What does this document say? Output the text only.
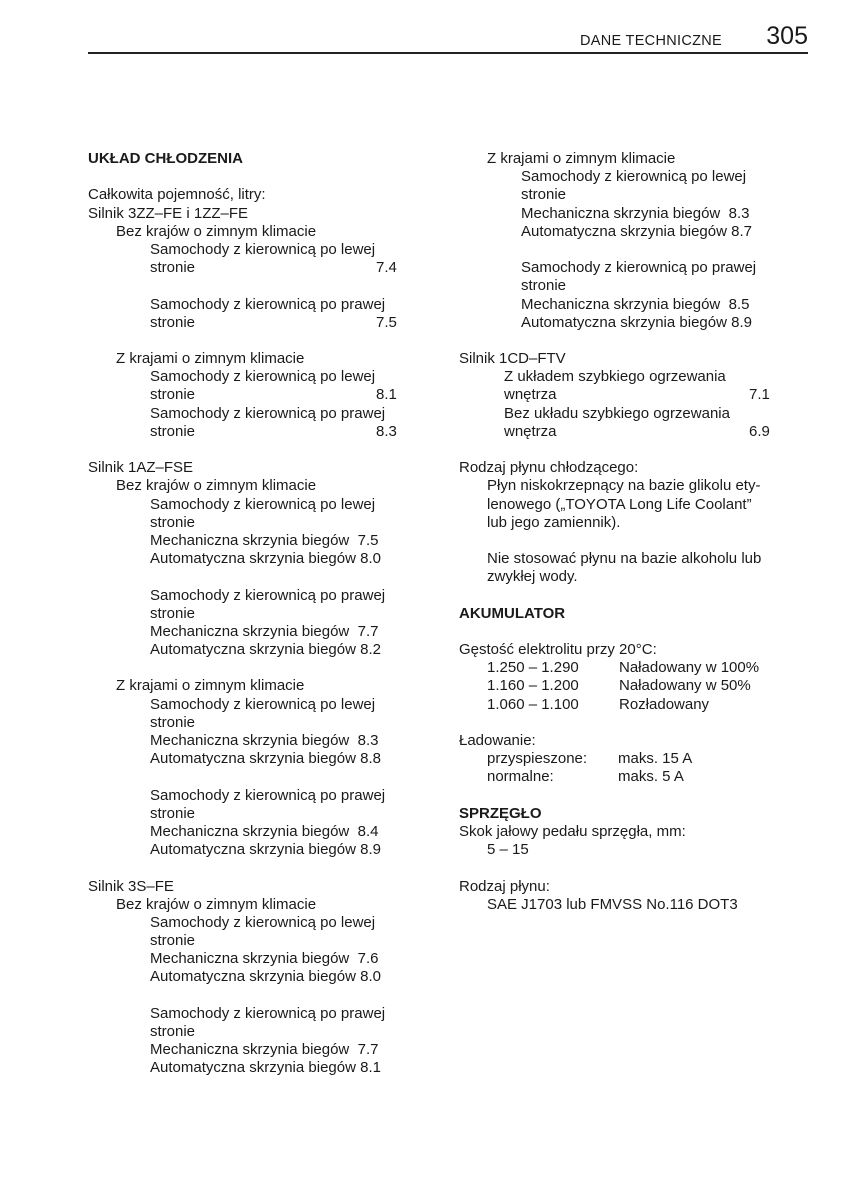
DANE TECHNICZNE 305
UKŁAD CHŁODZENIA
Całkowita pojemność, litry:
Silnik 3ZZ–FE i 1ZZ–FE
Bez krajów o zimnym klimacie
Samochody z kierownicą po lewej
stronie	7.4
Samochody z kierownicą po prawej
stronie	7.5
Z krajami o zimnym klimacie
Samochody z kierownicą po lewej
stronie	8.1
Samochody z kierownicą po prawej
stronie	8.3
Silnik 1AZ–FSE
Bez krajów o zimnym klimacie
Samochody z kierownicą po lewej
stronie
Mechaniczna skrzynia biegów  7.5
Automatyczna skrzynia biegów 8.0
Samochody z kierownicą po prawej
stronie
Mechaniczna skrzynia biegów  7.7
Automatyczna skrzynia biegów 8.2
Z krajami o zimnym klimacie
Samochody z kierownicą po lewej
stronie
Mechaniczna skrzynia biegów  8.3
Automatyczna skrzynia biegów 8.8
Samochody z kierownicą po prawej
stronie
Mechaniczna skrzynia biegów  8.4
Automatyczna skrzynia biegów 8.9
Silnik 3S–FE
Bez krajów o zimnym klimacie
Samochody z kierownicą po lewej
stronie
Mechaniczna skrzynia biegów  7.6
Automatyczna skrzynia biegów 8.0
Samochody z kierownicą po prawej
stronie
Mechaniczna skrzynia biegów  7.7
Automatyczna skrzynia biegów 8.1
Z krajami o zimnym klimacie
Samochody z kierownicą po lewej
stronie
Mechaniczna skrzynia biegów  8.3
Automatyczna skrzynia biegów 8.7
Samochody z kierownicą po prawej
stronie
Mechaniczna skrzynia biegów  8.5
Automatyczna skrzynia biegów 8.9
Silnik 1CD–FTV
Z układem szybkiego ogrzewania
wnętrza	7.1
Bez układu szybkiego ogrzewania
wnętrza	6.9
Rodzaj płynu chłodzącego:
Płyn niskokrzepnący na bazie glikolu ety-
lenowego („TOYOTA Long Life Coolant”
lub jego zamiennik).
Nie stosować płynu na bazie alkoholu lub
zwykłej wody.
AKUMULATOR
Gęstość elektrolitu przy 20°C:
1.250 – 1.290	Naładowany w 100%
1.160 – 1.200	Naładowany w 50%
1.060 – 1.100	Rozładowany
Ładowanie:
przyspieszone: maks. 15 A
normalne:	maks. 5 A
SPRZĘGŁO
Skok jałowy pedału sprzęgła, mm:
5 – 15
Rodzaj płynu:
SAE J1703 lub FMVSS No.116 DOT3
